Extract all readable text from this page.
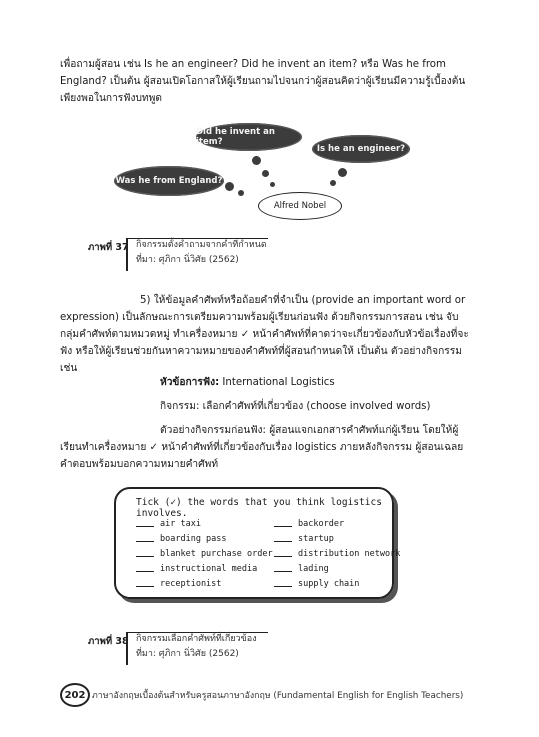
เพื่อถามผู้สอน เช่น Is he an engineer? Did he invent an item? หรือ Was he from England? เป็นต้น ผู้สอนเปิดโอกาสให้ผู้เรียนถามไปจนกว่าผู้สอนคิดว่าผู้เรียนมีความรู้เบื้องต้นเพียงพอในการฟังบทพูด
Did he invent an item?
Is he an engineer?
Was he from England?
Alfred Nobel
ภาพที่ 37 กิจกรรมตั้งคำถามจากคำที่กำหนด
ที่มา: ศุภิกา นิ่วิศัย (2562)
5) ให้ข้อมูลคำศัพท์หรือถ้อยคำที่จำเป็น (provide an important word or expression) เป็นลักษณะการเตรียมความพร้อมผู้เรียนก่อนฟัง ด้วยกิจกรรมการสอน เช่น จับกลุ่มคำศัพท์ตามหมวดหมู่ ทำเครื่องหมาย ✓ หน้าคำศัพท์ที่คาดว่าจะเกี่ยวข้องกับหัวข้อเรื่องที่จะฟัง หรือให้ผู้เรียนช่วยกันหาความหมายของคำศัพท์ที่ผู้สอนกำหนดให้ เป็นต้น ตัวอย่างกิจกรรมเช่น
หัวข้อการฟัง: International Logistics
กิจกรรม: เลือกคำศัพท์ที่เกี่ยวข้อง (choose involved words)
ตัวอย่างกิจกรรมก่อนฟัง: ผู้สอนแจกเอกสารคำศัพท์แก่ผู้เรียน โดยให้ผู้เรียนทำเครื่องหมาย ✓ หน้าคำศัพท์ที่เกี่ยวข้องกับเรื่อง logistics ภายหลังกิจกรรม ผู้สอนเฉลยคำตอบพร้อมบอกความหมายคำศัพท์
Tick (✓) the words that you think logistics involves.
air taxi
boarding pass
blanket purchase order
instructional media
receptionist
backorder
startup
distribution network
lading
supply chain
ภาพที่ 38 กิจกรรมเลือกคำศัพท์ที่เกี่ยวข้อง
ที่มา: ศุภิกา นิ่วิศัย (2562)
202 ภาษาอังกฤษเบื้องต้นสำหรับครูสอนภาษาอังกฤษ (Fundamental English for English Teachers)
